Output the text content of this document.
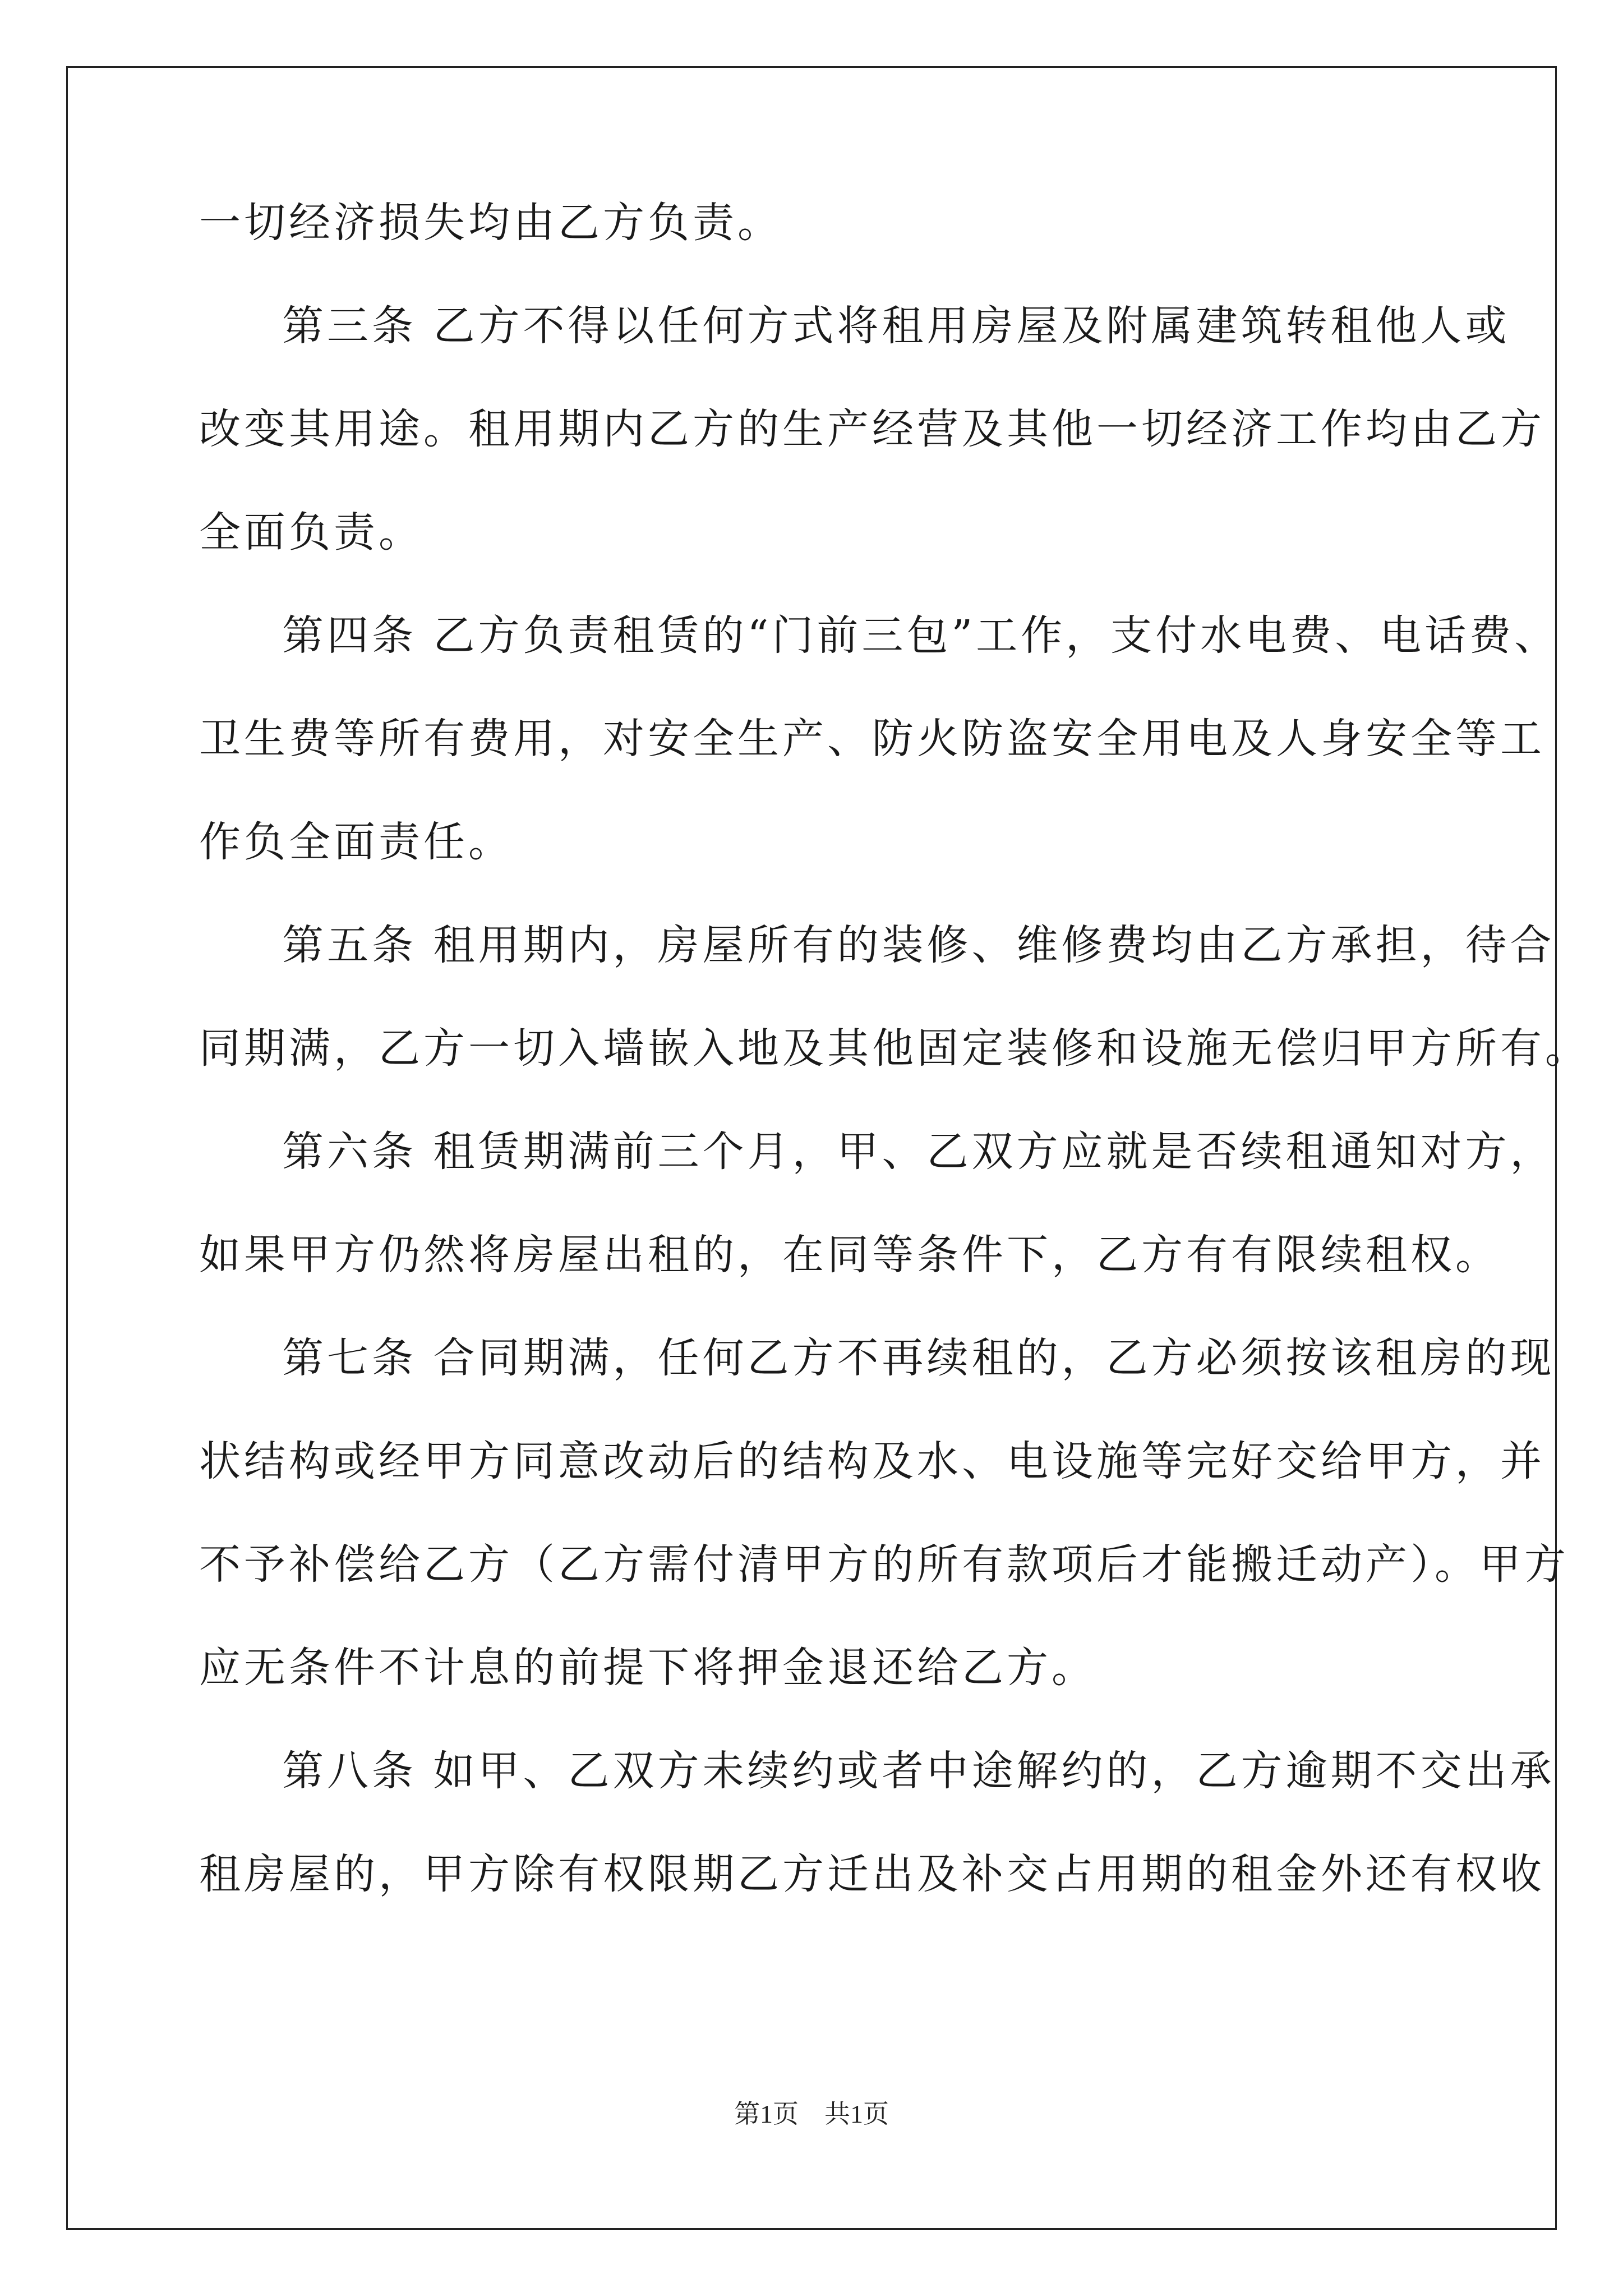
一切经济损失均由乙方负责。
第三条 乙方不得以任何方式将租用房屋及附属建筑转租他人或
改变其用途。租用期内乙方的生产经营及其他一切经济工作均由乙方
全面负责。
第四条 乙方负责租赁的“门前三包”工作，支付水电费、电话费、
卫生费等所有费用，对安全生产、防火防盗安全用电及人身安全等工
作负全面责任。
第五条 租用期内，房屋所有的装修、维修费均由乙方承担，待合
同期满，乙方一切入墙嵌入地及其他固定装修和设施无偿归甲方所有。
第六条 租赁期满前三个月，甲、乙双方应就是否续租通知对方，
如果甲方仍然将房屋出租的，在同等条件下，乙方有有限续租权。
第七条 合同期满，任何乙方不再续租的，乙方必须按该租房的现
状结构或经甲方同意改动后的结构及水、电设施等完好交给甲方，并
不予补偿给乙方（乙方需付清甲方的所有款项后才能搬迁动产）。甲方
应无条件不计息的前提下将押金退还给乙方。
第八条 如甲、乙双方未续约或者中途解约的，乙方逾期不交出承
租房屋的，甲方除有权限期乙方迁出及补交占用期的租金外还有权收
第1页　共1页
